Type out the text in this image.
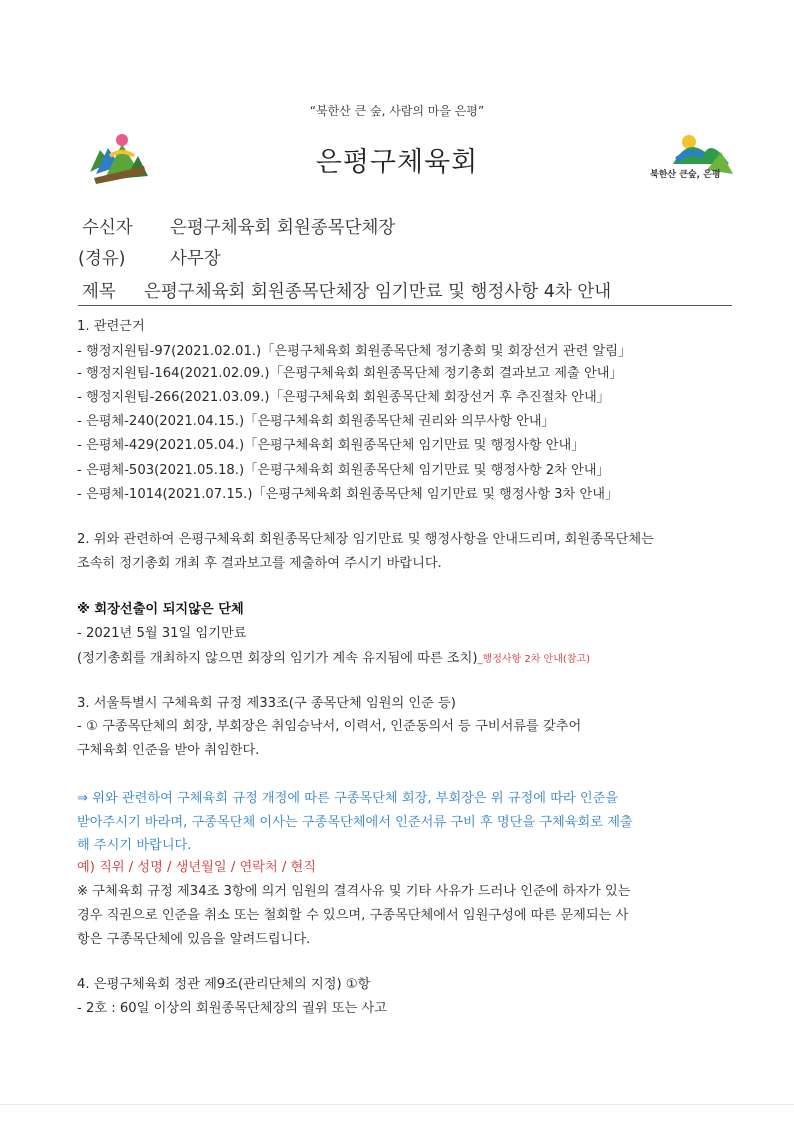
“북한산 큰 숲, 사람의 마을 은평”
은평구체육회	북한산 큰숲, 은평
수신자 은평구체육회 회원종목단체장
(경유)	사무장
제목 은평구체육회 회원종목단체장 임기만료 및 행정사항 4차 안내
1. 관련근거
- 행정지원팀-97(2021.02.01.)「은평구체육회 회원종목단체 정기총회 및 회장선거 관련 알림」
- 행정지원팀-164(2021.02.09.)「은평구체육회 회원종목단체 정기총회 결과보고 제출 안내」
- 행정지원팀-266(2021.03.09.)「은평구체육회 회원종목단체 회장선거 후 추진절차 안내」
- 은평체-240(2021.04.15.)「은평구체육회 회원종목단체 권리와 의무사항 안내」
- 은평체-429(2021.05.04.)「은평구체육회 회원종목단체 임기만료 및 행정사항 안내」
- 은평체-503(2021.05.18.)「은평구체육회 회원종목단체 임기만료 및 행정사항 2차 안내」
- 은평체-1014(2021.07.15.)「은평구체육회 회원종목단체 임기만료 및 행정사항 3차 안내」
2. 위와 관련하여 은평구체육회 회원종목단체장 임기만료 및 행정사항을 안내드리며, 회원종목단체는
조속히 정기총회 개최 후 결과보고를 제출하여 주시기 바랍니다.
※ 회장선출이 되지않은 단체
- 2021년 5월 31일 임기만료
(정기총회를 개최하지 않으면 회장의 임기가 계속 유지됨에 따른 조치)_행정사항 2차 안내(참고)
3. 서울특별시 구체육회 규정 제33조(구 종목단체 임원의 인준 등)
- ① 구종목단체의 회장, 부회장은 취임승낙서, 이력서, 인준동의서 등 구비서류를 갖추어
구체육회 인준을 받아 취임한다.
⇒ 위와 관련하여 구체육회 규정 개정에 따른 구종목단체 회장, 부회장은 위 규정에 따라 인준을
받아주시기 바라며, 구종목단체 이사는 구종목단체에서 인준서류 구비 후 명단을 구체육회로 제출
해 주시기 바랍니다.
예) 직위 / 성명 / 생년월일 / 연락처 / 현직
※ 구체육회 규정 제34조 3항에 의거 임원의 결격사유 및 기타 사유가 드러나 인준에 하자가 있는
경우 직권으로 인준을 취소 또는 철회할 수 있으며, 구종목단체에서 임원구성에 따른 문제되는 사
항은 구종목단체에 있음을 알려드립니다.
4. 은평구체육회 정관 제9조(관리단체의 지정) ①항
- 2호 : 60일 이상의 회원종목단체장의 궐위 또는 사고
